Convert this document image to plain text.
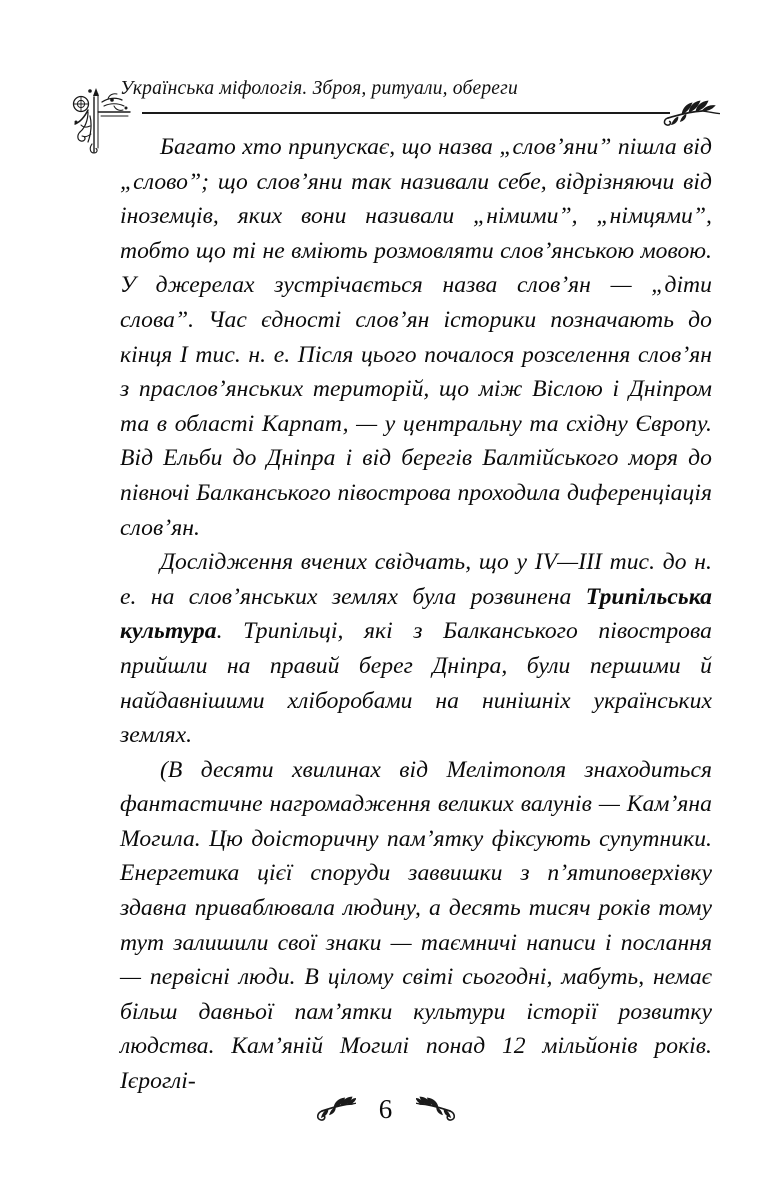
Українська міфологія. Зброя, ритуали, обереги

Багато хто припускає, що назва „слов’яни” пішла від „слово”; що слов’яни так називали себе, відрізняючи від іноземців, яких вони називали „німими”, „німцями”, тобто що ті не вміють розмовляти слов’янською мовою. У джерелах зустрічається назва слов’ян — „діти слова”. Час єдності слов’ян історики позначають до кінця I тис. н. е. Після цього почалося розселення слов’ян з праслов’янських територій, що між Віслою і Дніпром та в області Карпат, — у центральну та східну Європу. Від Ельби до Дніпра і від берегів Балтійського моря до півночі Балканського півострова проходила диференціація слов’ян.

Дослідження вчених свідчать, що у IV—III тис. до н. е. на слов’янських землях була розвинена Трипільська культура. Трипільці, які з Балканського півострова прийшли на правий берег Дніпра, були першими й найдавнішими хліборобами на нинішніх українських землях.

(В десяти хвилинах від Мелітополя знаходиться фантастичне нагромадження великих валунів — Кам’яна Могила. Цю доісторичну пам’ятку фіксують супутники. Енергетика цієї споруди заввишки з п’ятиповерхівку здавна приваблювала людину, а десять тисяч років тому тут залишили свої знаки — таємничі написи і послання — первісні люди. В цілому світі сьогодні, мабуть, немає більш давньої пам’ятки культури історії розвитку людства. Кам’яній Могилі понад 12 мільйонів років. Ієроглі-

6
